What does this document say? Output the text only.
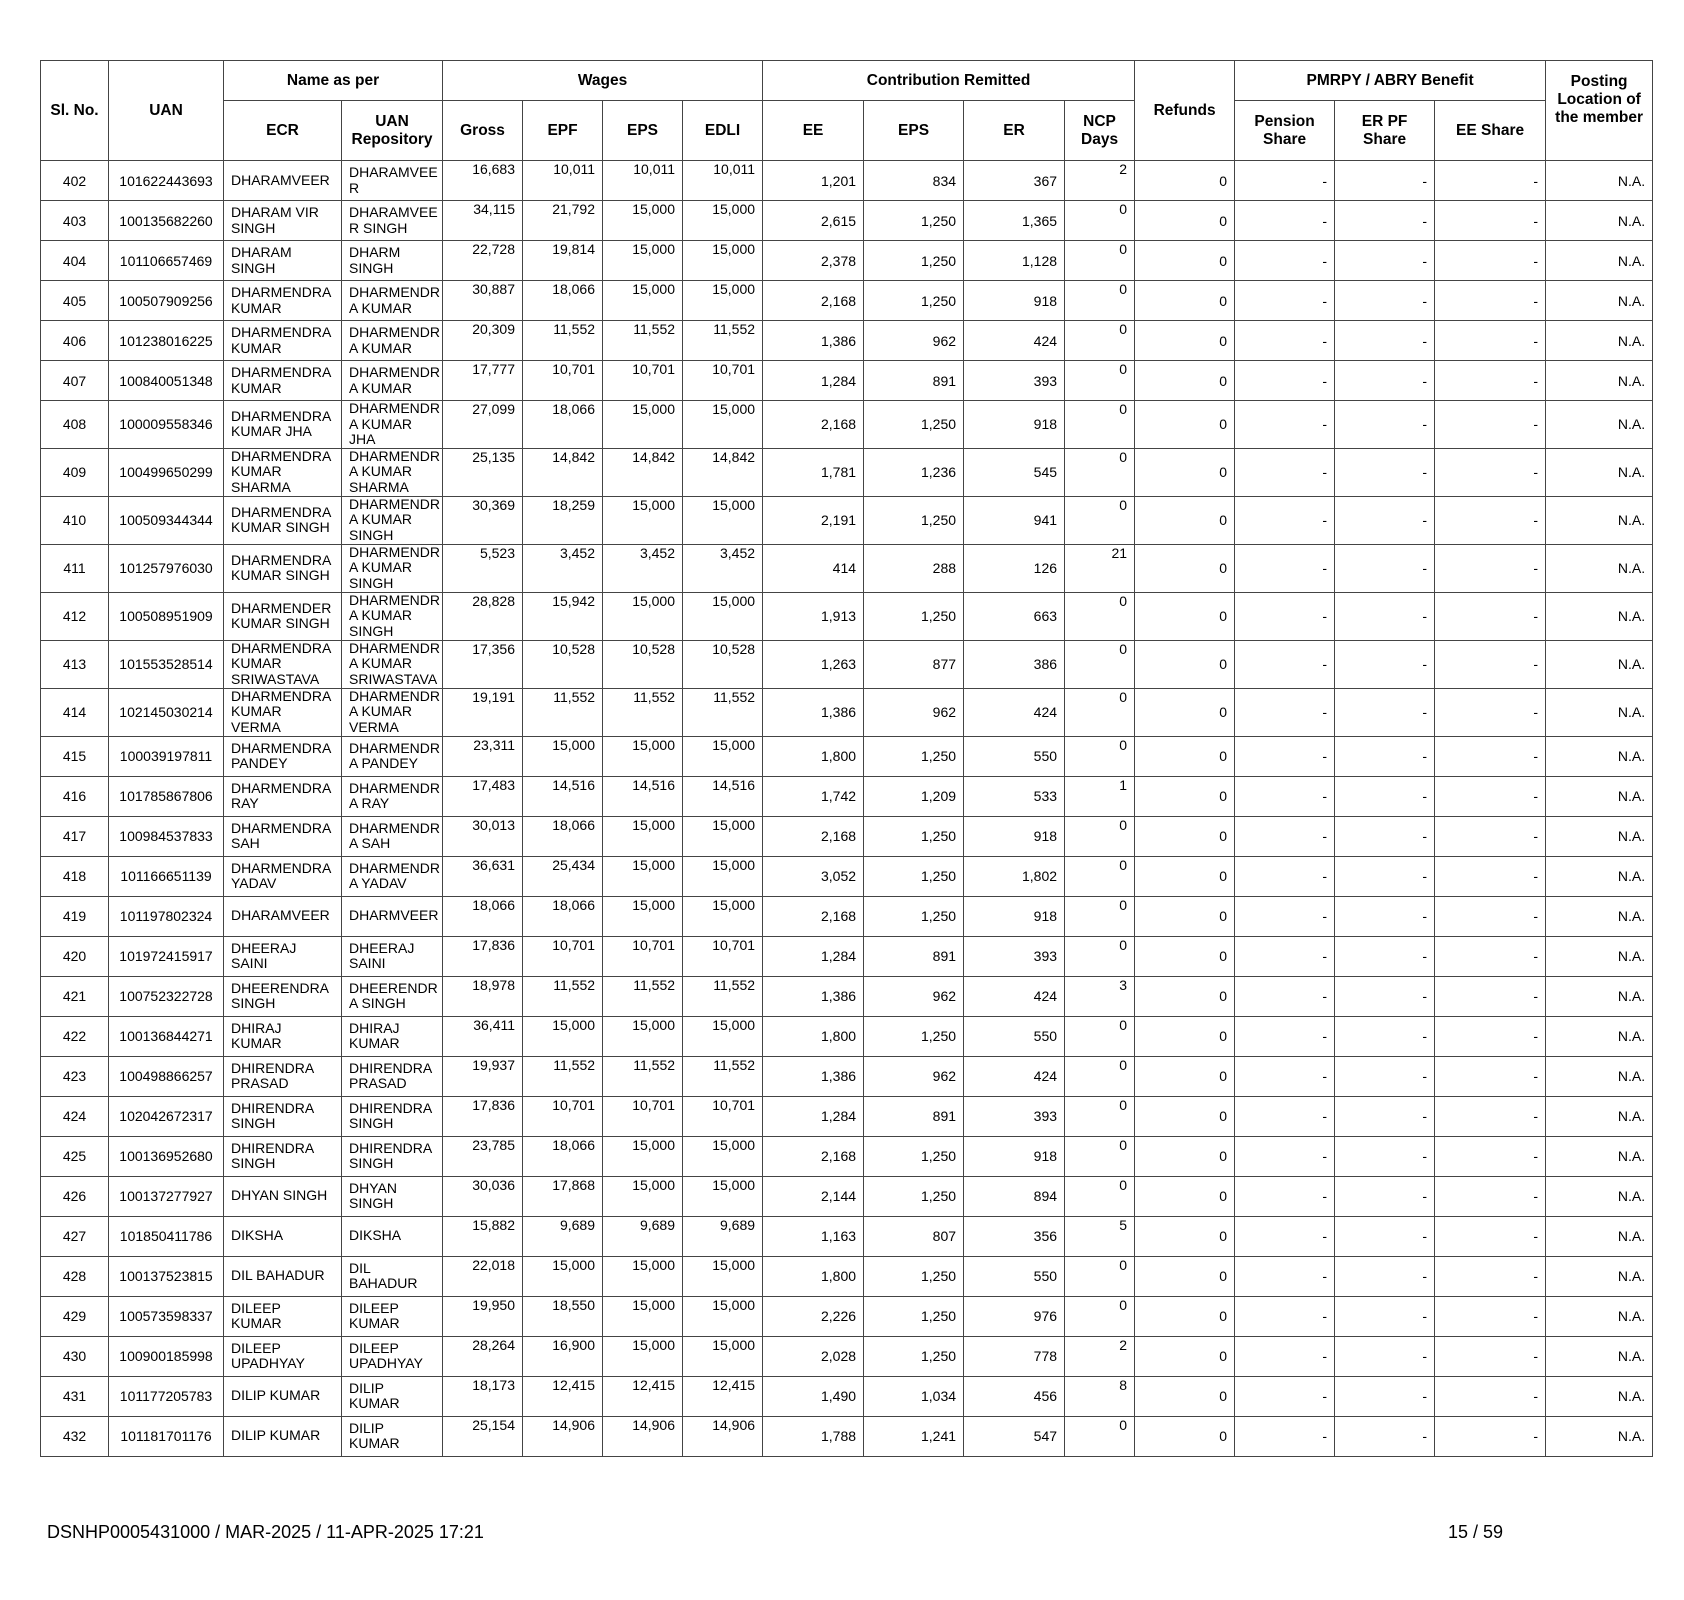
Sl. No.	UAN	Name as per		Wages				Contribution Remitted				Refunds	PMRPY / ABRY Benefit			Posting Location of the member
		ECR	UAN Repository	Gross	EPF	EPS	EDLI	EE	EPS	ER	NCP Days		Pension Share	ER PF Share	EE Share	
402	101622443693	DHARAMVEER	DHARAMVEE R	16,683	10,011	10,011	10,011	1,201	834	367	2	0	-	-	-	N.A.
403	100135682260	DHARAM VIR SINGH	DHARAMVEE R SINGH	34,115	21,792	15,000	15,000	2,615	1,250	1,365	0	0	-	-	-	N.A.
404	101106657469	DHARAM SINGH	DHARM SINGH	22,728	19,814	15,000	15,000	2,378	1,250	1,128	0	0	-	-	-	N.A.
405	100507909256	DHARMENDRA KUMAR	DHARMENDR A KUMAR	30,887	18,066	15,000	15,000	2,168	1,250	918	0	0	-	-	-	N.A.
406	101238016225	DHARMENDRA KUMAR	DHARMENDR A KUMAR	20,309	11,552	11,552	11,552	1,386	962	424	0	0	-	-	-	N.A.
407	100840051348	DHARMENDRA KUMAR	DHARMENDR A KUMAR	17,777	10,701	10,701	10,701	1,284	891	393	0	0	-	-	-	N.A.
408	100009558346	DHARMENDRA KUMAR JHA	DHARMENDR A KUMAR JHA	27,099	18,066	15,000	15,000	2,168	1,250	918	0	0	-	-	-	N.A.
409	100499650299	DHARMENDRA KUMAR SHARMA	DHARMENDR A KUMAR SHARMA	25,135	14,842	14,842	14,842	1,781	1,236	545	0	0	-	-	-	N.A.
410	100509344344	DHARMENDRA KUMAR SINGH	DHARMENDR A KUMAR SINGH	30,369	18,259	15,000	15,000	2,191	1,250	941	0	0	-	-	-	N.A.
411	101257976030	DHARMENDRA KUMAR SINGH	DHARMENDR A KUMAR SINGH	5,523	3,452	3,452	3,452	414	288	126	21	0	-	-	-	N.A.
412	100508951909	DHARMENDER KUMAR SINGH	DHARMENDR A KUMAR SINGH	28,828	15,942	15,000	15,000	1,913	1,250	663	0	0	-	-	-	N.A.
413	101553528514	DHARMENDRA KUMAR SRIWASTAVA	DHARMENDR A KUMAR SRIWASTAVA	17,356	10,528	10,528	10,528	1,263	877	386	0	0	-	-	-	N.A.
414	102145030214	DHARMENDRA KUMAR VERMA	DHARMENDR A KUMAR VERMA	19,191	11,552	11,552	11,552	1,386	962	424	0	0	-	-	-	N.A.
415	100039197811	DHARMENDRA PANDEY	DHARMENDR A PANDEY	23,311	15,000	15,000	15,000	1,800	1,250	550	0	0	-	-	-	N.A.
416	101785867806	DHARMENDRA RAY	DHARMENDR A RAY	17,483	14,516	14,516	14,516	1,742	1,209	533	1	0	-	-	-	N.A.
417	100984537833	DHARMENDRA SAH	DHARMENDR A SAH	30,013	18,066	15,000	15,000	2,168	1,250	918	0	0	-	-	-	N.A.
418	101166651139	DHARMENDRA YADAV	DHARMENDR A YADAV	36,631	25,434	15,000	15,000	3,052	1,250	1,802	0	0	-	-	-	N.A.
419	101197802324	DHARAMVEER	DHARMVEER	18,066	18,066	15,000	15,000	2,168	1,250	918	0	0	-	-	-	N.A.
420	101972415917	DHEERAJ SAINI	DHEERAJ SAINI	17,836	10,701	10,701	10,701	1,284	891	393	0	0	-	-	-	N.A.
421	100752322728	DHEERENDRA SINGH	DHEERENDR A SINGH	18,978	11,552	11,552	11,552	1,386	962	424	3	0	-	-	-	N.A.
422	100136844271	DHIRAJ KUMAR	DHIRAJ KUMAR	36,411	15,000	15,000	15,000	1,800	1,250	550	0	0	-	-	-	N.A.
423	100498866257	DHIRENDRA PRASAD	DHIRENDRA PRASAD	19,937	11,552	11,552	11,552	1,386	962	424	0	0	-	-	-	N.A.
424	102042672317	DHIRENDRA SINGH	DHIRENDRA SINGH	17,836	10,701	10,701	10,701	1,284	891	393	0	0	-	-	-	N.A.
425	100136952680	DHIRENDRA SINGH	DHIRENDRA SINGH	23,785	18,066	15,000	15,000	2,168	1,250	918	0	0	-	-	-	N.A.
426	100137277927	DHYAN SINGH	DHYAN SINGH	30,036	17,868	15,000	15,000	2,144	1,250	894	0	0	-	-	-	N.A.
427	101850411786	DIKSHA	DIKSHA	15,882	9,689	9,689	9,689	1,163	807	356	5	0	-	-	-	N.A.
428	100137523815	DIL BAHADUR	DIL BAHADUR	22,018	15,000	15,000	15,000	1,800	1,250	550	0	0	-	-	-	N.A.
429	100573598337	DILEEP KUMAR	DILEEP KUMAR	19,950	18,550	15,000	15,000	2,226	1,250	976	0	0	-	-	-	N.A.
430	100900185998	DILEEP UPADHYAY	DILEEP UPADHYAY	28,264	16,900	15,000	15,000	2,028	1,250	778	2	0	-	-	-	N.A.
431	101177205783	DILIP KUMAR	DILIP KUMAR	18,173	12,415	12,415	12,415	1,490	1,034	456	8	0	-	-	-	N.A.
432	101181701176	DILIP KUMAR	DILIP KUMAR	25,154	14,906	14,906	14,906	1,788	1,241	547	0	0	-	-	-	N.A.
DSNHP0005431000 / MAR-2025 / 11-APR-2025 17:21	15 / 59
